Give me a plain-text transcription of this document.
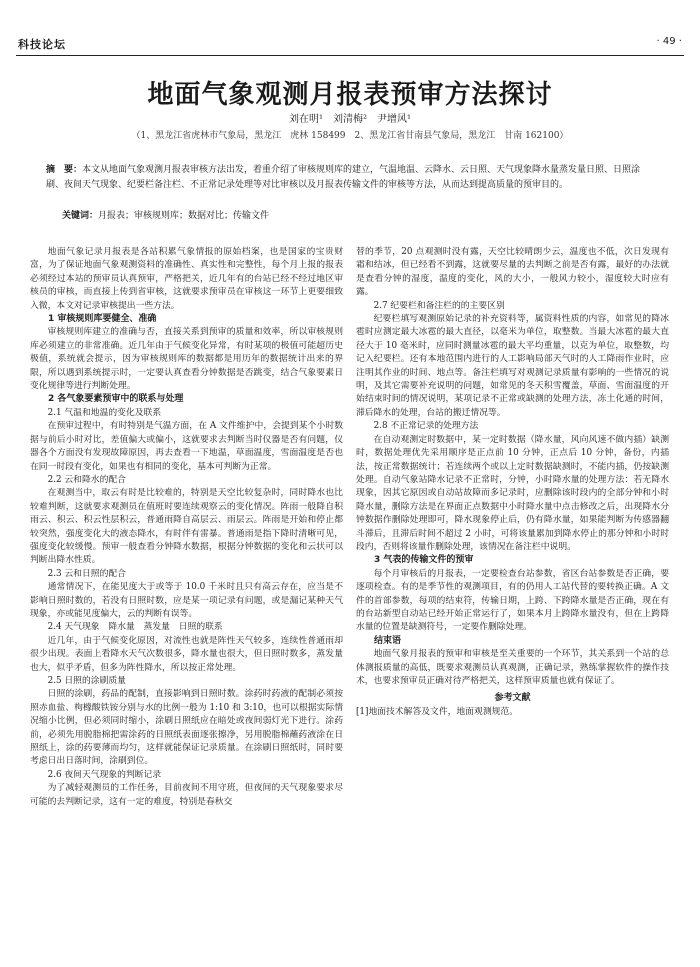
科技论坛	· 49 ·
地面气象观测月报表预审方法探讨
刘在明¹　刘清梅²　尹增风¹
（1、黑龙江省虎林市气象局，黑龙江　虎林 158499　2、黑龙江省甘南县气象局，黑龙江　甘南 162100）
摘　要：本文从地面气象观测月报表审核方法出发，着重介绍了审核规则库的建立，气温地温、云降水、云日照、天气现象降水量蒸发量日照、日照涂刷、夜间天气现象、纪要栏备注栏、不正常记录处理等对比审核以及月报表传输文件的审核等方法，从而达到提高质量的预审目的。
关键词：月报表；审核规则库；数据对比；传输文件

地面气象记录月报表是各站积累气象情报的原始档案，也是国家的宝贵财富，为了保证地面气象观测资料的准确性、真实性和完整性，每个月上报的报表必须经过本站的预审员认真预审，严格把关，近几年有的台站已经不经过地区审核员的审核，而直接上传到省审核，这就要求预审员在审核这一环节上更要细致入微，本文对记录审核提出一些方法。

1 审核规则库要健全、准确

审核规则库建立的准确与否，直接关系到预审的质量和效率，所以审核规则库必须建立的非常准确。近几年由于气候变化异常，有时某项的极值可能超历史极值，系统就会提示，因为审核规则库的数据都是用历年的数据统计出来的界限，所以遇到系统提示时，一定要认真查看分钟数据是否跳变，结合气象要素日变化规律等进行判断处理。

2 各气象要素预审中的联系与处理
2.1 气温和地温的变化及联系

在预审过程中，有时特别是气温方面，在 A 文件维护中，会提到某个小时数据与前后小时对比，差值偏大或偏小，这就要求去判断当时仪器是否有问题，仪器各个方面没有发现故障原因，再去查看一下地温，草面温度，雪面温度是否也在同一时段有变化，如果也有相同的变化，基本可判断为正常。

2.2 云和降水的配合

在观测当中，取云有时是比较难的，特别是天空比较复杂时，同时降水也比较难判断，这就要求观测员在值班时要连续观察云的变化情况。阵雨一般降自积雨云、积云、积云性层积云，普通雨降自高层云、雨层云。阵雨是开始和停止都较突然，强度变化大的液态降水，有时伴有雷暴。普通雨是指下降时清晰可见，强度变化较缓慢。预审一般查看分钟降水数据，根据分钟数据的变化和云状可以判断出降水性质。

2.3 云和日照的配合

通常情况下，在能见度大于或等于 10.0 千米时且只有高云存在，应当是不影响日照时数的，若没有日照时数，应是某一项记录有问题，或是漏记某种天气现象，亦或能见度偏大，云的判断有误等。

2.4 天气现象　降水量　蒸发量　日照的联系

近几年，由于气候变化原因，对流性也就是阵性天气较多，连续性普通雨却很少出现。表面上看降水天气次数很多，降水量也很大，但日照时数多，蒸发量也大，似乎矛盾，但多为阵性降水，所以按正常处理。

2.5 日照的涂刷质量

日照的涂刷，药品的配制，直接影响到日照时数。涂药时药液的配制必须按照赤血盐、枸橼酸铁铵分别与水的比例一般为 1:10 和 3:10，也可以根据实际情况缩小比例，但必须同时缩小，涂刷日照纸应在暗处或夜间弱灯光下进行。涂药前，必须先用脱脂棉把需涂药的日照纸表面逐张擦净，另用脱脂棉蘸药液涂在日照纸上，涂的药要薄而均匀，这样就能保证记录质量。在涂刷日照纸时，同时要考虑日出日落时间，涂刷到位。

2.6 夜间天气现象的判断记录

为了减轻观测员的工作任务，目前夜间不用守班，但夜间的天气现象要求尽可能的去判断记录，这有一定的难度，特别是春秋交

替的季节，20 点观测时没有露，天空比较晴朗少云，温度也不低，次日发现有霜和结冰，但已经看不到露，这就要尽量的去判断之前是否有露，最好的办法就是查看分钟的湿度，温度的变化，风的大小，一般风力较小，湿度较大时应有露。

2.7 纪要栏和备注栏的的主要区别

纪要栏填写观测原始记录的补充资料等，属资料性质的内容，如常见的降冰雹时应测定最大冰雹的最大直径，以毫米为单位，取整数。当最大冰雹的最大直径大于 10 毫米时，应同时测量冰雹的最大平均重量，以克为单位，取整数，均记入纪要栏。还有本地范围内进行的人工影响局部天气时的人工降雨作业时，应注明其作业的时间、地点等。备注栏填写对观测记录质量有影响的一些情况的说明，及其它需要补充说明的问题，如常见的冬天积雪覆盖，草面、雪面温度的开始结束时间的情况说明，某项记录不正常或缺测的处理方法，冻土化通的时间，滞后降水的处理，台站的搬迁情况等。

2.8 不正常记录的处理方法

在自动观测定时数据中，某一定时数据（降水量，风向风速不做内插）缺测时，数据处理优先采用顺序是正点前 10 分钟，正点后 10 分钟，备份，内插法，按正常数据统计；若连续两个或以上定时数据缺测时，不能内插，仍按缺测处理。自动气象站降水记录不正常时，分钟，小时降水量的处理方法：若无降水现象，因其它原因或自动站故障而多记录时，应删除该时段内的全部分钟和小时降水量，删除方法是在界面正点数据中小时降水量中点击修改之后，出现降水分钟数据作删除处理即可，降水现象停止后，仍有降水量，如果能判断为传感器翻斗滞后，且滞后时间不超过 2 小时，可将该量累加到降水停止的那分钟和小时时段内，否则将该量作删除处理，该情况在备注栏中说明。

3 气表的传输文件的预审

每个月审核后的月报表，一定要检查台站参数，省区台站参数是否正确，要逐项检查。有的是季节性的观测项目，有的仍用人工站代替的要转换正确。A 文件的首部参数，每项的结束符，传输日期，上跨、下跨降水量是否正确，现在有的台站新型自动站已经开始正常运行了，如果本月上跨降水量没有，但在上跨降水量的位置是缺测符号，一定要作删除处理。

结束语

地面气象月报表的预审和审核是至关重要的一个环节，其关系到一个站的总体测报质量的高低，既要求观测员认真观测，正确记录，熟练掌握软件的操作技术，也要求预审员正确对待严格把关，这样预审质量也就有保证了。

参考文献

[1]地面技术解答及文件，地面观测规范。
